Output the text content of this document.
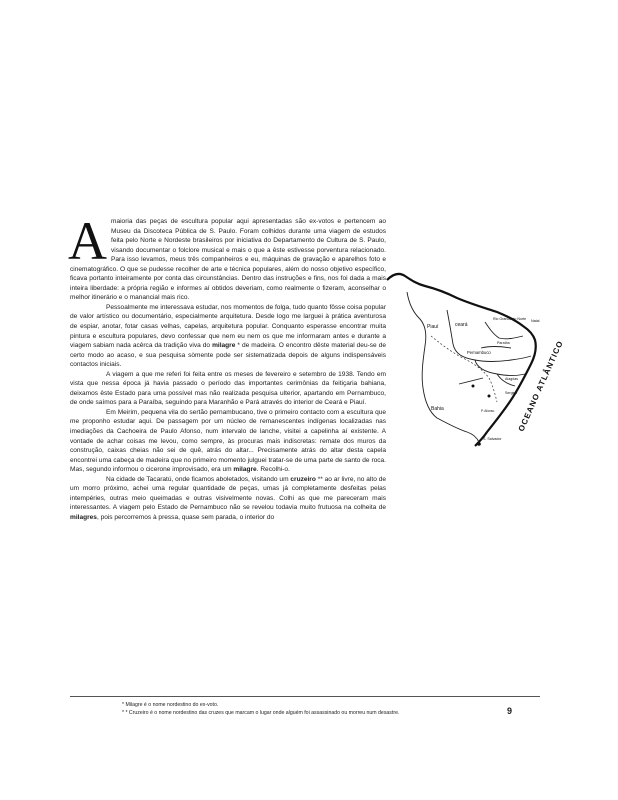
A maioria das peças de escultura popular aqui apresentadas são ex-votos e pertencem ao Museu da Discoteca Pública de S. Paulo. Foram colhidos durante uma viagem de estudos feita pelo Norte e Nordeste brasileiros por iniciativa do Departamento de Cultura de S. Paulo, visando documentar o folclore musical e mais o que a êste estivesse porventura relacionado. Para isso levamos, meus três companheiros e eu, máquinas de gravação e aparelhos foto e cinematográfico. O que se pudesse recolher de arte e técnica populares, além do nosso objetivo específico, ficava portanto inteiramente por conta das circunstâncias. Dentro das instruções e fins, nos foi dada a mais inteira liberdade: a própria região e informes aí obtidos deveriam, como realmente o fizeram, aconselhar o melhor itinerário e o manancial mais rico.

Pessoalmente me interessava estudar, nos momentos de folga, tudo quanto fôsse coisa popular de valor artístico ou documentário, especialmente arquitetura. Desde logo me larguei à prática aventurosa de espiar, anotar, fotar casas velhas, capelas, arquitetura popular. Conquanto esperasse encontrar muita pintura e escultura populares, devo confessar que nem eu nem os que me informaram antes e durante a viagem sabiam nada acêrca da tradição viva do milagre * de madeira. O encontro dêste material deu-se de certo modo ao acaso, e sua pesquisa sòmente pode ser sistematizada depois de alguns indispensáveis contactos iniciais.

A viagem a que me referi foi feita entre os meses de fevereiro e setembro de 1938. Tendo em vista que nessa época já havia passado o período das importantes cerimônias da feitiçaria bahiana, deixamos êste Estado para uma possível mas não realizada pesquisa ulterior, apartando em Pernambuco, de onde saímos para a Paraíba, seguindo para Maranhão e Pará através do interior de Ceará e Piauí.

Em Meirim, pequena vila do sertão pernambucano, tive o primeiro contacto com a escultura que me proponho estudar aqui. De passagem por um núcleo de remanescentes indígenas localizadas nas imediações da Cachoeira de Paulo Afonso, num intervalo de lanche, visitei a capelinha aí existente. A vontade de achar coisas me levou, como sempre, às procuras mais indiscretas: remate dos muros da construção, caixas cheias não sei de quê, atrás do altar... Precisamente atrás do altar desta capela encontrei uma cabeça de madeira que no primeiro momento julguei tratar-se de uma parte de santo de roca. Mas, segundo informou o cicerone improvisado, era um milagre. Recolhi-o.

Na cidade de Tacaratú, onde ficamos aboletados, visitando um cruzeiro ** ao ar livre, no alto de um morro próximo, achei uma regular quantidade de peças, umas já completamente desfeitas pelas intempéries, outras meio queimadas e outras visivelmente novas. Colhi as que me pareceram mais interessantes. A viagem pelo Estado de Pernambuco não se revelou todavia muito frutuosa na colheita de milagres, pois percorremos à pressa, quase sem parada, o interior do

Piauí	ceará
Rio Grande do Norte Natal
Paraíba
Pernambuco
Alagôas
Sergipe
Bahia	P. Afonso
S. Salvador
OCEANO ATLÂNTICO

* Milagre é o nome nordestino do ex-voto.

* * Cruzeiro é o nome nordestino das cruzes que marcam o lugar onde alguém foi assassinado ou morreu num desastre.	9
